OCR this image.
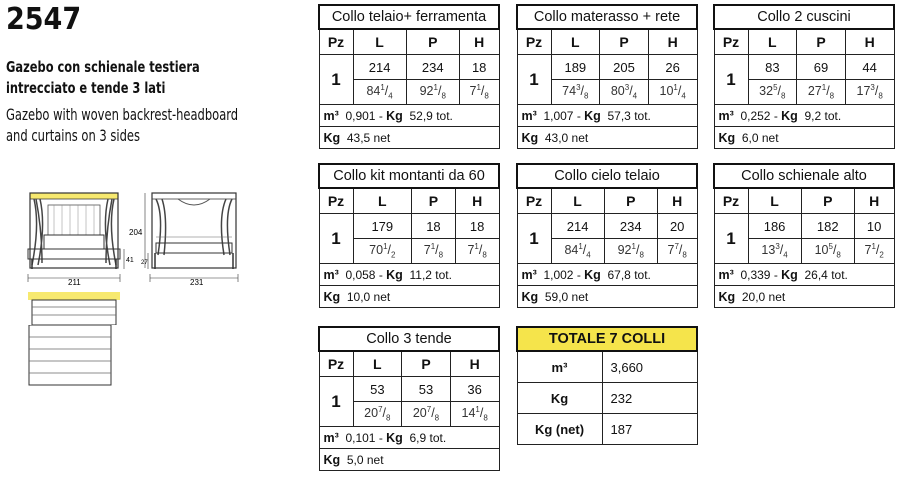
2547
Gazebo con schienale testiera intrecciato e tende 3 lati
Gazebo with woven backrest-headboard and curtains on 3 sides
211
41
204
27
231
Collo telaio+ ferramenta			
Pz	L	P	H
1	214	234	18
	$84^1/_4$	$92^1/_8$	$7^1/_8$
m³ 0,901 - Kg 52,9 tot.			
Kg 43,5 net			
Collo materasso + rete			
Pz	L	P	H
1	189	205	26
	$74^3/_8$	$80^3/_4$	$10^1/_4$
m³ 1,007 - Kg 57,3 tot.			
Kg 43,0 net			
Collo 2 cuscini			
Pz	L	P	H
1	83	69	44
	$32^5/_8$	$27^1/_8$	$17^3/_8$
m³ 0,252 - Kg 9,2 tot.			
Kg 6,0 net			
Collo kit montanti da 60			
Pz	L	P	H
1	179	18	18
	$70^1/_2$	$7^1/_8$	$7^1/_8$
m³ 0,058 - Kg 11,2 tot.			
Kg 10,0 net			
Collo cielo telaio			
Pz	L	P	H
1	214	234	20
	$84^1/_4$	$92^1/_8$	$7^7/_8$
m³ 1,002 - Kg 67,8 tot.			
Kg 59,0 net			
Collo schienale alto			
Pz	L	P	H
1	186	182	10
	$13^3/_4$	$10^5/_8$	$7^1/_2$
m³ 0,339 - Kg 26,4 tot.			
Kg 20,0 net			
Collo 3 tende			
Pz	L	P	H
1	53	53	36
	$20^7/_8$	$20^7/_8$	$14^1/_8$
m³ 0,101 - Kg 6,9 tot.			
Kg 5,0 net			
TOTALE 7 COLLI	
m³	3,660
Kg	232
Kg (net)	187
